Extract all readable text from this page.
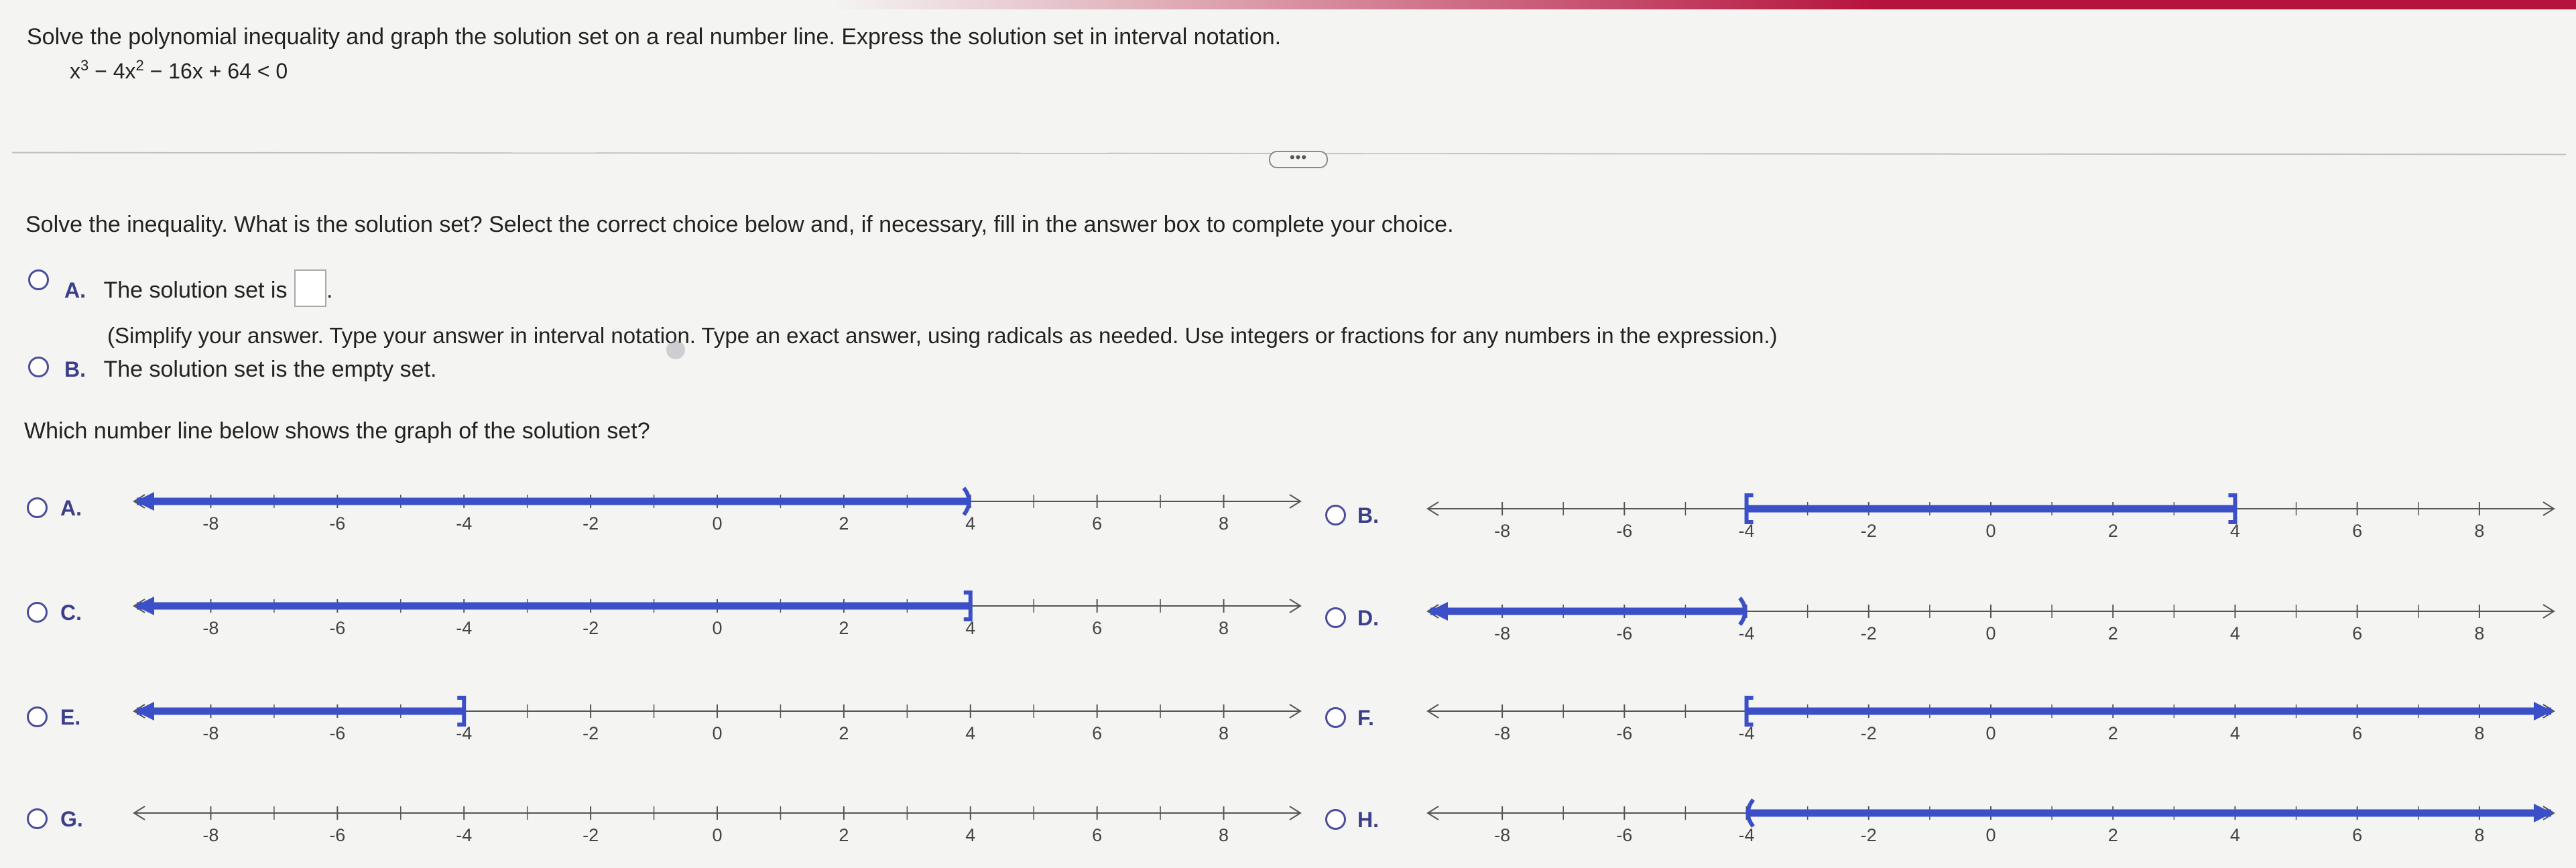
Solve the polynomial inequality and graph the solution set on a real number line. Express the solution set in interval notation.
$x^3 - 4x^2 - 16x + 64 < 0$
•••
Solve the inequality. What is the solution set? Select the correct choice below and, if necessary, fill in the answer box to complete your choice.
A. The solution set is .
(Simplify your answer. Type your answer in interval notation. Type an exact answer, using radicals as needed. Use integers or fractions for any numbers in the expression.)
B. The solution set is the empty set.
Which number line below shows the graph of the solution set?
A.	B.
C.	D.
E.	F.
G.	H.
-8	-6	-4	-2	0	2	4	6	8	-8	-6	-4	-2	0	2	4	6	8
-8	-6	-4	-2	0	2	4	6	8	-8	-6	-4	-2	0	2	4	6	8
-8	-6	-4	-2	0	2	4	6	8	-8	-6	-4	-2	0	2	4	6	8
-8	-6	-4	-2	0	2	4	6	8	-8	-6	-4	-2	0	2	4	6	8
